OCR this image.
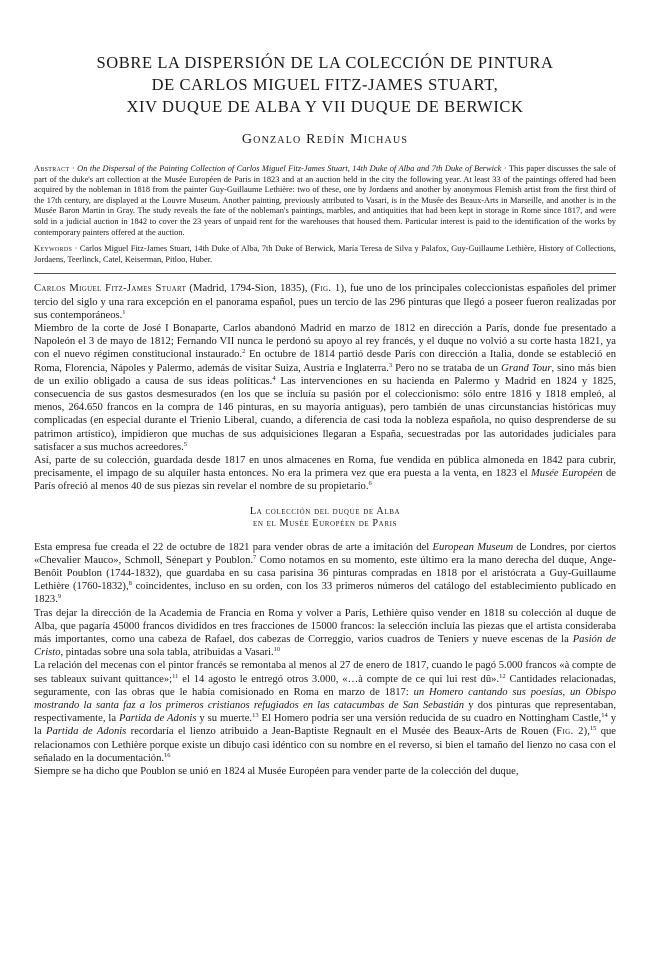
SOBRE LA DISPERSIÓN DE LA COLECCIÓN DE PINTURA
DE CARLOS MIGUEL FITZ-JAMES STUART,
XIV DUQUE DE ALBA Y VII DUQUE DE BERWICK
Gonzalo Redín Michaus
Abstract · On the Dispersal of the Painting Collection of Carlos Miguel Fitz-James Stuart, 14th Duke of Alba and 7th Duke of Berwick · This paper discusses the sale of part of the duke's art collection at the Musée Européen de Paris in 1823 and at an auction held in the city the following year. At least 33 of the paintings offered had been acquired by the nobleman in 1818 from the painter Guy-Guillaume Lethière: two of these, one by Jordaens and another by anonymous Flemish artist from the first third of the 17th century, are displayed at the Louvre Museum. Another painting, previously attributed to Vasari, is in the Musée des Beaux-Arts in Marseille, and another is in the Musée Baron Martin in Gray. The study reveals the fate of the nobleman's paintings, marbles, and antiquities that had been kept in storage in Rome since 1817, and were sold in a judicial auction in 1842 to cover the 23 years of unpaid rent for the warehouses that housed them. Particular interest is paid to the identification of the works by contemporary painters offered at the auction.
Keywords · Carlos Miguel Fitz-James Stuart, 14th Duke of Alba, 7th Duke of Berwick, María Teresa de Silva y Palafox, Guy-Guillaume Lethière, History of Collections, Jordaens, Teerlinck, Catel, Keiserman, Pitloo, Huber.

Carlos Miguel Fitz-James Stuart (Madrid, 1794-Sion, 1835), (Fig. 1), fue uno de los principales coleccionistas españoles del primer tercio del siglo y una rara excepción en el panorama español, pues un tercio de las 296 pinturas que llegó a poseer fueron realizadas por sus contemporáneos.$^1$

Miembro de la corte de José I Bonaparte, Carlos abandonó Madrid en marzo de 1812 en dirección a París, donde fue presentado a Napoleón el 3 de mayo de 1812; Fernando VII nunca le perdonó su apoyo al rey francés, y el duque no volvió a su corte hasta 1821, ya con el nuevo régimen constitucional instaurado.$^2$ En octubre de 1814 partió desde París con dirección a Italia, donde se estableció en Roma, Florencia, Nápoles y Palermo, además de visitar Suiza, Austria e Inglaterra.$^3$ Pero no se trataba de un Grand Tour, sino más bien de un exilio obligado a causa de sus ideas políticas.$^4$ Las intervenciones en su hacienda en Palermo y Madrid en 1824 y 1825, consecuencia de sus gastos desmesurados (en los que se incluía su pasión por el coleccionismo: sólo entre 1816 y 1818 empleó, al menos, 264.650 francos en la compra de 146 pinturas, en su mayoría antiguas), pero también de unas circunstancias históricas muy complicadas (en especial durante el Trienio Liberal, cuando, a diferencia de casi toda la nobleza española, no quiso desprenderse de su patrimon artístico), impidieron que muchas de sus adquisiciones llegaran a España, secuestradas por las autoridades judiciales para satisfacer a sus muchos acreedores.$^5$

Así, parte de su colección, guardada desde 1817 en unos almacenes en Roma, fue vendida en pública almoneda en 1842 para cubrir, precisamente, el impago de su alquiler hasta entonces. No era la primera vez que era puesta a la venta, en 1823 el Musée Européen de París ofreció al menos 40 de sus piezas sin revelar el nombre de su propietario.$^6$

La colección del duque de Alba
en el Musée Européen de Paris

Esta empresa fue creada el 22 de octubre de 1821 para vender obras de arte a imitación del European Museum de Londres, por ciertos «Chevalier Mauco», Schmoll, Sénepart y Poublon.$^7$ Como notamos en su momento, este último era la mano derecha del duque, Ange-Benôit Poublon (1744-1832), que guardaba en su casa parisina 36 pinturas compradas en 1818 por el aristócrata a Guy-Guillaume Lethière (1760-1832),$^8$ coincidentes, incluso en su orden, con los 33 primeros números del catálogo del establecimiento publicado en 1823.$^9$

Tras dejar la dirección de la Academia de Francia en Roma y volver a París, Lethière quiso vender en 1818 su colección al duque de Alba, que pagaría 45000 francos divididos en tres fracciones de 15000 francos: la selección incluía las piezas que el artista consideraba más importantes, como una cabeza de Rafael, dos cabezas de Correggio, varios cuadros de Teniers y nueve escenas de la Pasión de Cristo, pintadas sobre una sola tabla, atribuidas a Vasari.$^{10}$

La relación del mecenas con el pintor francés se remontaba al menos al 27 de enero de 1817, cuando le pagó 5.000 francos «à compte de ses tableaux suivant quittance»;$^{11}$ el 14 agosto le entregó otros 3.000, «…à compte de ce qui lui rest dû».$^{12}$ Cantidades relacionadas, seguramente, con las obras que le había comisionado en Roma en marzo de 1817: un Homero cantando sus poesías, un Obispo mostrando la santa faz a los primeros cristianos refugiados en las catacumbas de San Sebastián y dos pinturas que representaban, respectivamente, la Partida de Adonis y su muerte.$^{13}$ El Homero podría ser una versión reducida de su cuadro en Nottingham Castle,$^{14}$ y la Partida de Adonis recordaría el lienzo atribuido a Jean-Baptiste Regnault en el Musée des Beaux-Arts de Rouen (Fig. 2),$^{15}$ que relacionamos con Lethière porque existe un dibujo casi idéntico con su nombre en el reverso, si bien el tamaño del lienzo no casa con el señalado en la documentación.$^{16}$

Siempre se ha dicho que Poublon se unió en 1824 al Musée Européen para vender parte de la colección del duque,
